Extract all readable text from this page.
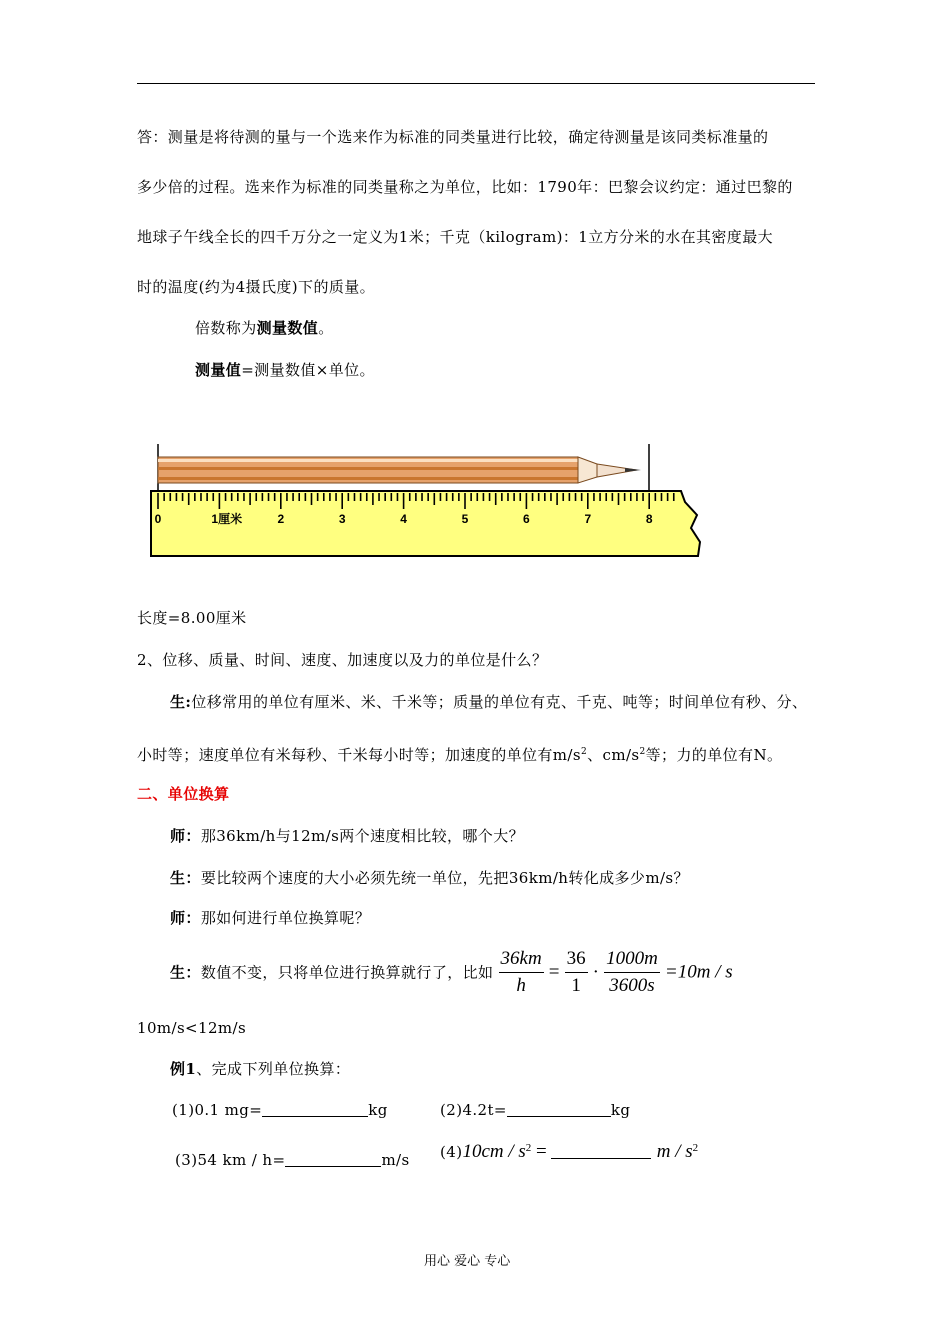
答：测量是将待测的量与一个选来作为标准的同类量进行比较，确定待测量是该同类标准量的
多少倍的过程。选来作为标准的同类量称之为单位，比如：1790年：巴黎会议约定：通过巴黎的
地球子午线全长的四千万分之一定义为1米；千克（kilogram)：1立方分米的水在其密度最大
时的温度(约为4摄氏度)下的质量。
倍数称为测量数值。
测量值=测量数值×单位。
0	1厘米	2	3	4	5	6	7	8
长度=8.00厘米
2、位移、质量、时间、速度、加速度以及力的单位是什么？
生:位移常用的单位有厘米、米、千米等；质量的单位有克、千克、吨等；时间单位有秒、分、
小时等；速度单位有米每秒、千米每小时等；加速度的单位有$m/s^2$、$cm/s^2$等；力的单位有N。
二、单位换算
师：那36km/h与12m/s两个速度相比较，哪个大？
生：要比较两个速度的大小必须先统一单位，先把36km/h转化成多少m/s？
师：那如何进行单位换算呢？
生：数值不变，只将单位进行换算就行了，比如 $\frac{36km}{h} = \frac{36}{1} \cdot \frac{1000m}{3600s} =10m / s$
10m/s<12m/s
例1、完成下列单位换算：
(1)0.1 mg=	kg	(2)4.2t=	kg
(3)54 km / h=	m/s $(4)10cm / s^2$ =	m / $s^2$
用心 爱心 专心
